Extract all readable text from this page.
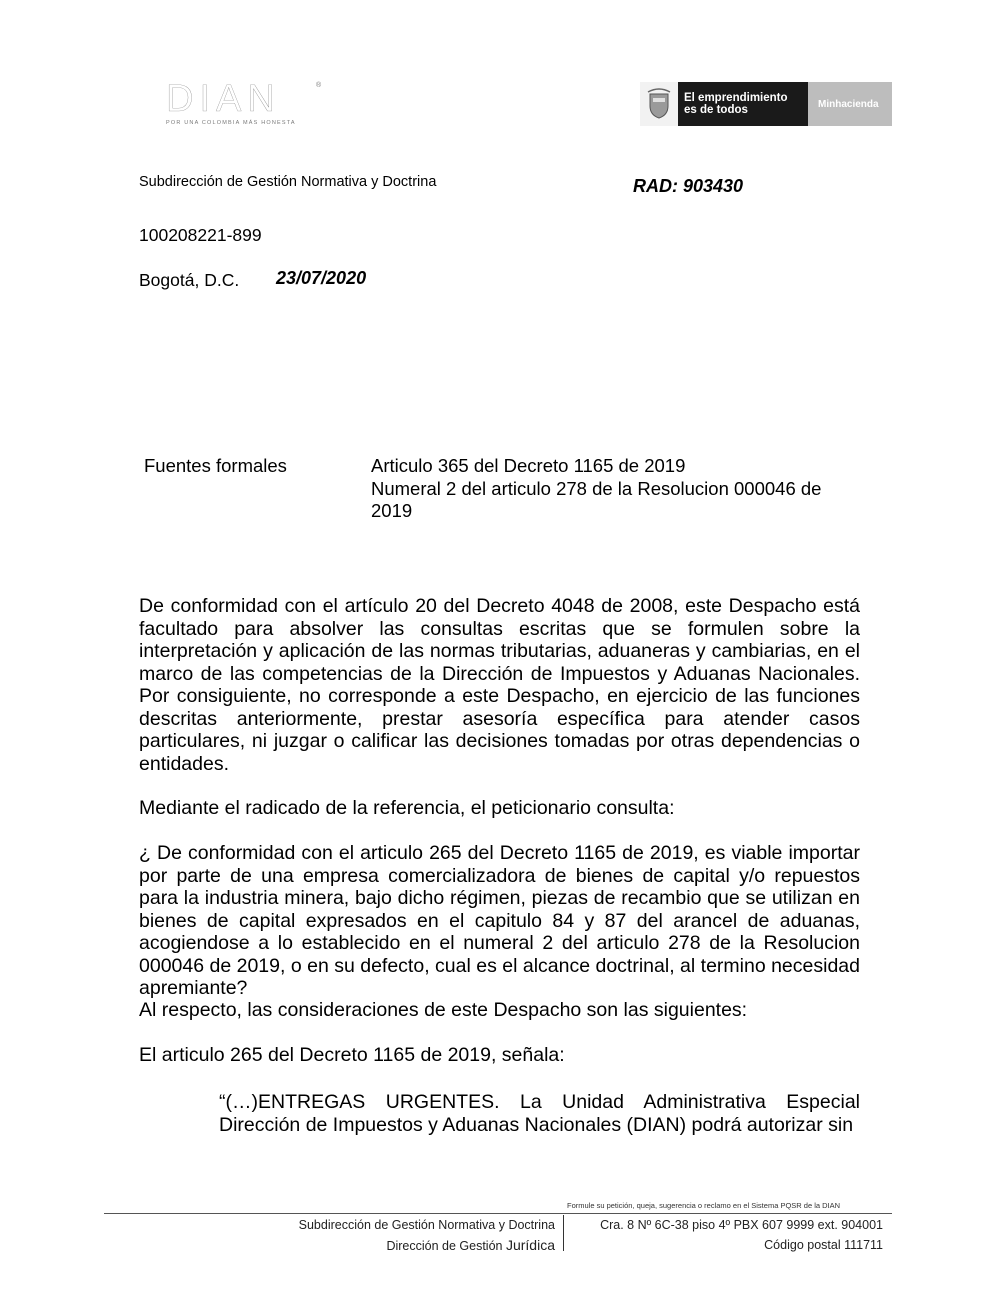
DIAN	®
POR UNA COLOMBIA MÁS HONESTA
El emprendimiento
es de todos	Minhacienda
Subdirección de Gestión Normativa y Doctrina	RAD: 903430
100208221-899
Bogotá, D.C. 23/07/2020
Fuentes formales	Articulo 365 del Decreto 1165 de 2019
Numeral 2 del articulo 278 de la Resolucion 000046 de 2019
De conformidad con el artículo 20 del Decreto 4048 de 2008, este Despacho está facultado para absolver las consultas escritas que se formulen sobre la interpretación y aplicación de las normas tributarias, aduaneras y cambiarias, en el marco de las competencias de la Dirección de Impuestos y Aduanas Nacionales. Por consiguiente, no corresponde a este Despacho, en ejercicio de las funciones descritas anteriormente, prestar asesoría específica para atender casos particulares, ni juzgar o calificar las decisiones tomadas por otras dependencias o entidades.
Mediante el radicado de la referencia, el peticionario consulta:
¿ De conformidad con el articulo 265 del Decreto 1165 de 2019, es viable importar por parte de una empresa comercializadora de bienes de capital y/o repuestos para la industria minera, bajo dicho régimen, piezas de recambio que se utilizan en bienes de capital expresados en el capitulo 84 y 87 del arancel de aduanas, acogiendose a lo establecido en el numeral 2 del articulo 278 de la Resolucion 000046 de 2019, o en su defecto, cual es el alcance doctrinal, al termino necesidad apremiante?
Al respecto, las consideraciones de este Despacho son las siguientes:
El articulo 265 del Decreto 1165 de 2019, señala:
“(…)ENTREGAS URGENTES. La Unidad Administrativa Especial Dirección de Impuestos y Aduanas Nacionales (DIAN) podrá autorizar sin
Formule su petición, queja, sugerencia o reclamo en el Sistema PQSR de la DIAN
Subdirección de Gestión Normativa y Doctrina
Dirección de Gestión Jurídica
Cra. 8 Nº 6C-38 piso 4º PBX 607 9999 ext. 904001
Código postal 111711
